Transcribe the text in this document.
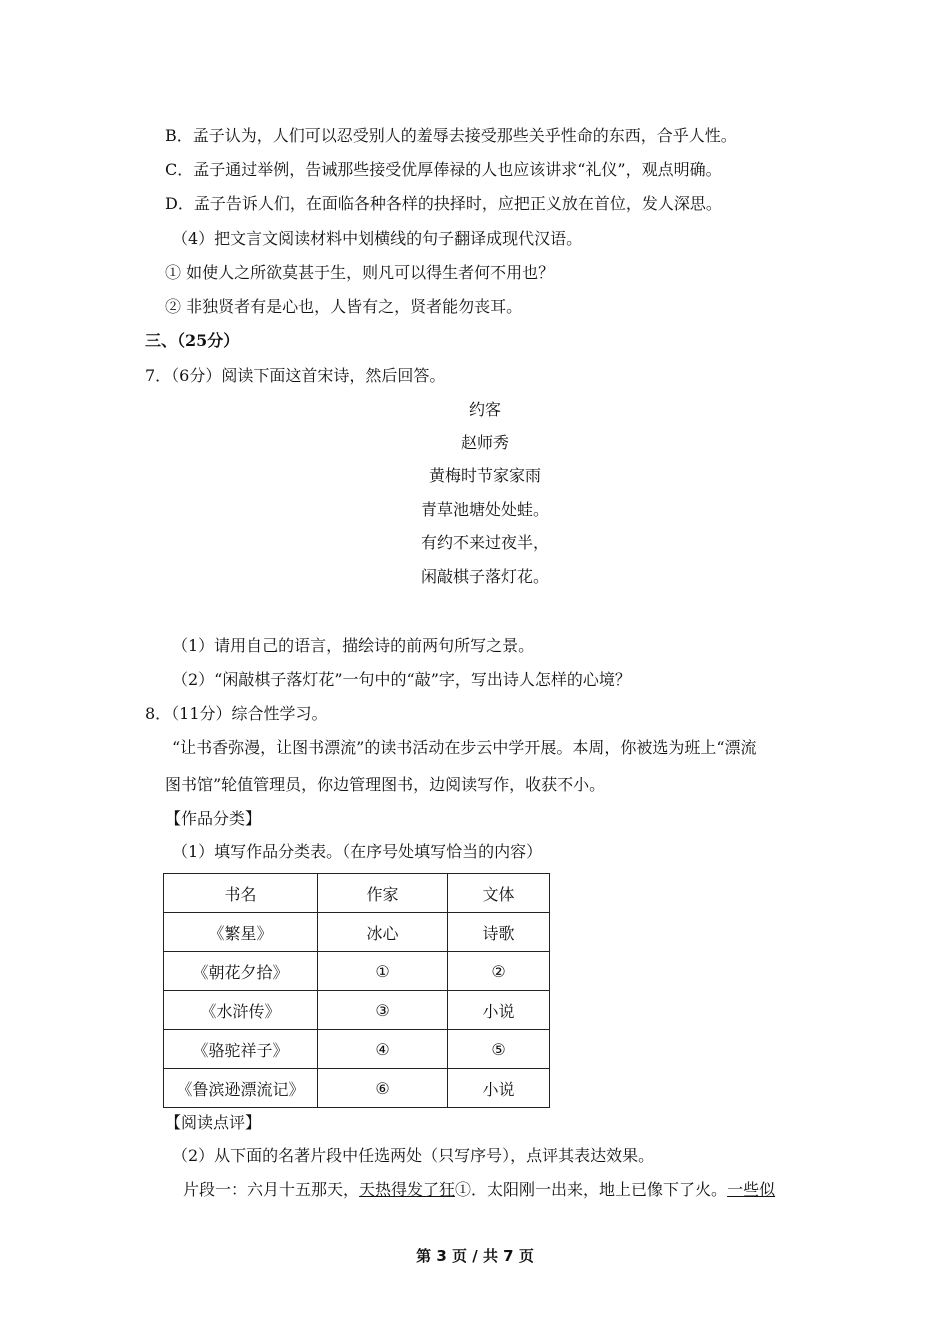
B．孟子认为，人们可以忍受别人的羞辱去接受那些关乎性命的东西，合乎人性。
C．孟子通过举例，告诫那些接受优厚俸禄的人也应该讲求“礼仪”，观点明确。
D．孟子告诉人们，在面临各种各样的抉择时，应把正义放在首位，发人深思。
（4）把文言文阅读材料中划横线的句子翻译成现代汉语。
① 如使人之所欲莫甚于生，则凡可以得生者何不用也？
② 非独贤者有是心也，人皆有之，贤者能勿丧耳。
三、（25分）
7．（6分）阅读下面这首宋诗，然后回答。
约客
赵师秀
黄梅时节家家雨
青草池塘处处蛙。
有约不来过夜半，
闲敲棋子落灯花。
（1）请用自己的语言，描绘诗的前两句所写之景。
（2）“闲敲棋子落灯花”一句中的“敲”字，写出诗人怎样的心境？
8．（11分）综合性学习。
“让书香弥漫，让图书漂流”的读书活动在步云中学开展。本周，你被选为班上“漂流
图书馆”轮值管理员，你边管理图书，边阅读写作，收获不小。
【作品分类】
（1）填写作品分类表。（在序号处填写恰当的内容）
书名	作家	文体
《繁星》	冰心	诗歌
《朝花夕拾》	①	②
《水浒传》	③	小说
《骆驼祥子》	④	⑤
《鲁滨逊漂流记》	⑥	小说
【阅读点评】
（2）从下面的名著片段中任选两处（只写序号），点评其表达效果。
片段一：六月十五那天，天热得发了狂①．太阳刚一出来，地上已像下了火。一些似
第 3 页 / 共 7 页
